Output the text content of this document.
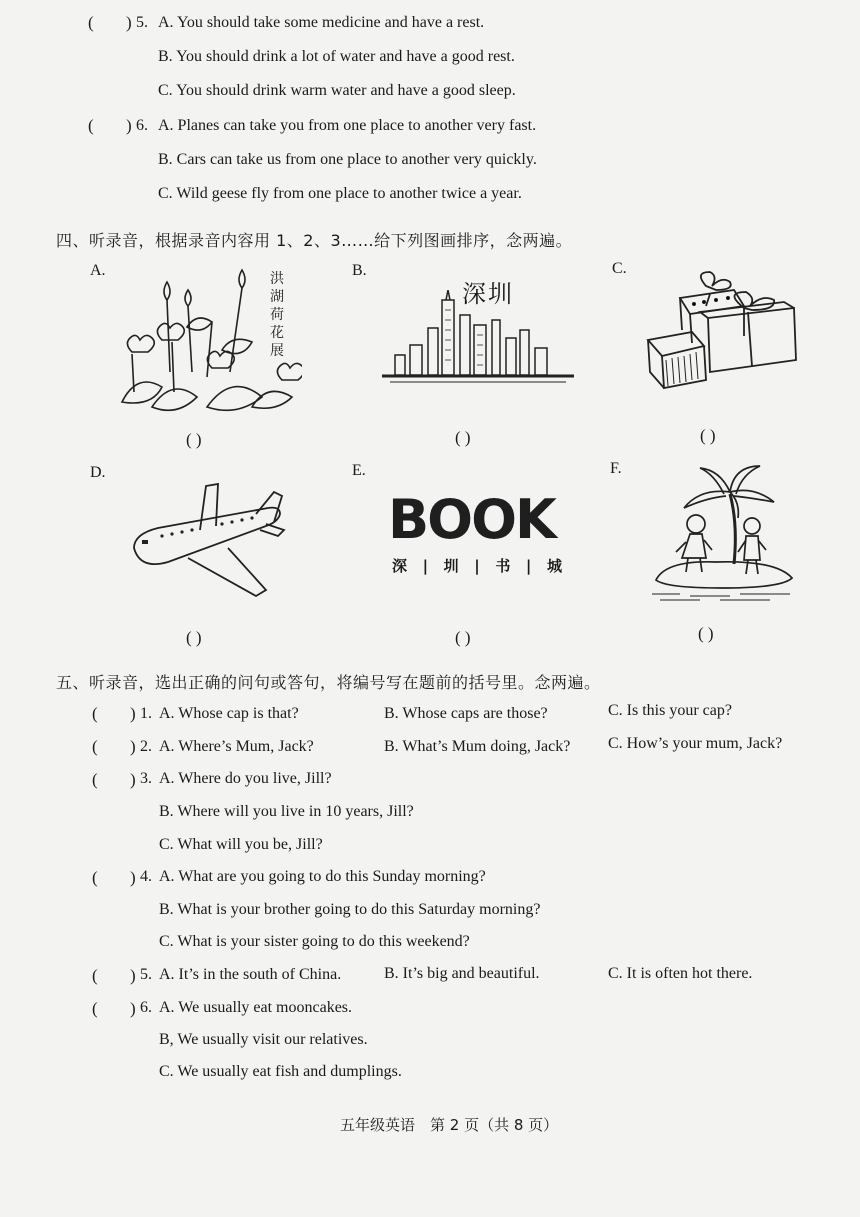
( ) 5. A. You should take some medicine and have a rest.
B. You should drink a lot of water and have a good rest.
C. You should drink warm water and have a good sleep.
( ) 6. A. Planes can take you from one place to another very fast.
B. Cars can take us from one place to another very quickly.
C. Wild geese fly from one place to another twice a year.
四、听录音，根据录音内容用 1、2、3……给下列图画排序，念两遍。
A.	洪
湖
荷
花
展
( )
B.
深圳
( )
C.
( )
D.
( )
E.
BOOK
深 | 圳 | 书 | 城
( )
F.
( )
五、听录音，选出正确的问句或答句，将编号写在题前的括号里。念两遍。
( ) 1. A. Whose cap is that?	B. Whose caps are those?	C. Is this your cap?
( ) 2. A. Where’s Mum, Jack?	B. What’s Mum doing, Jack? C. How’s your mum, Jack?
( ) 3. A. Where do you live, Jill?
B. Where will you live in 10 years, Jill?
C. What will you be, Jill?
( ) 4. A. What are you going to do this Sunday morning?
B. What is your brother going to do this Saturday morning?
C. What is your sister going to do this weekend?
( ) 5. A. It’s in the south of China.	B. It’s big and beautiful.	C. It is often hot there.
( ) 6. A. We usually eat mooncakes.
B, We usually visit our relatives.
C. We usually eat fish and dumplings.
五年级英语　第 2 页（共 8 页）
